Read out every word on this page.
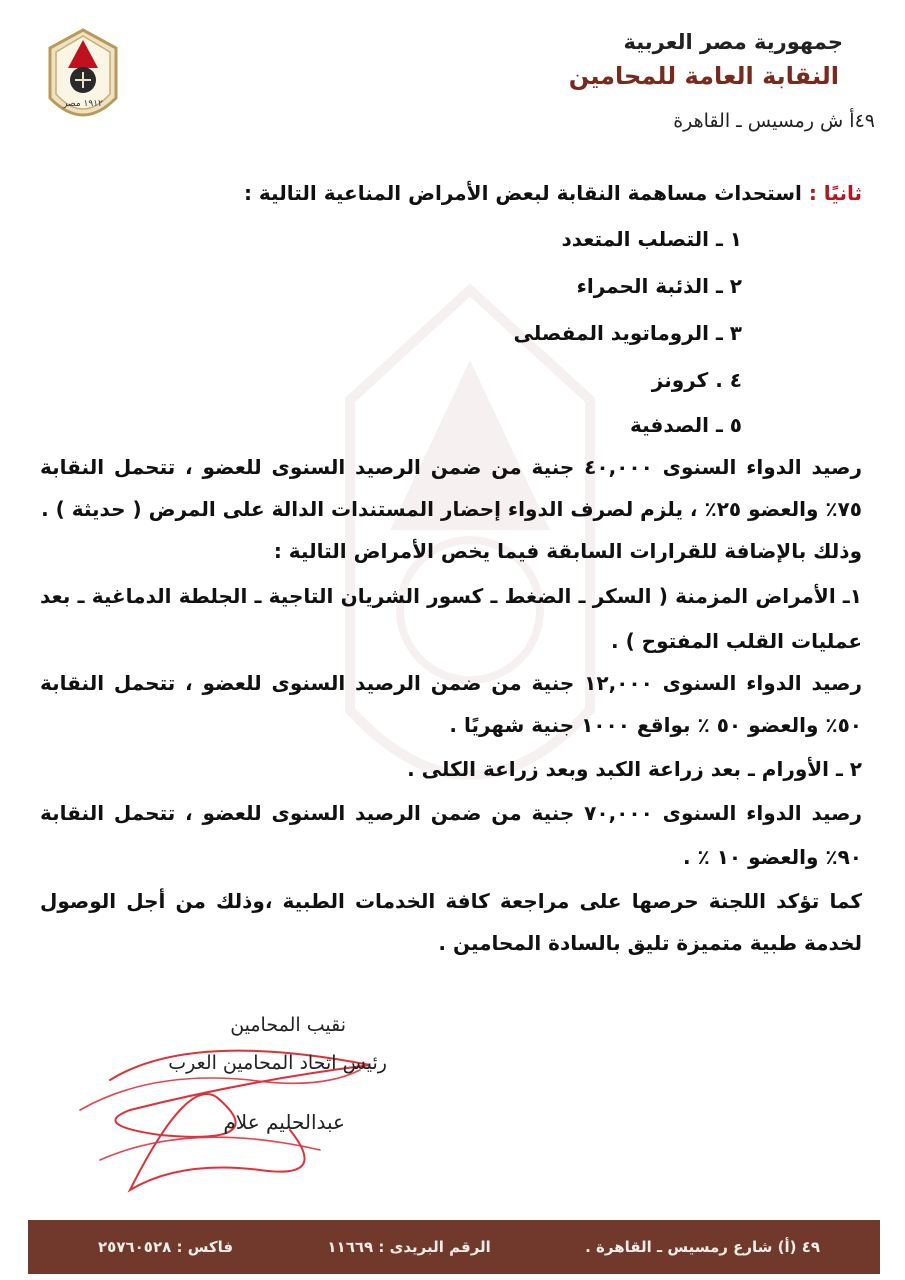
١٩١٢ مصر
جمهورية مصر العربية
النقابة العامة للمحامين
٤٩أ ش رمسيس ـ القاهرة
ثانيًا : استحداث مساهمة النقابة لبعض الأمراض المناعية التالية :
١ ـ التصلب المتعدد
٢ ـ الذئبة الحمراء
٣ ـ الروماتويد المفصلى
٤ . كرونز
٥ ـ الصدفية
رصيد الدواء السنوى ٤٠,٠٠٠ جنية من ضمن الرصيد السنوى للعضو ، تتحمل النقابة
٧٥٪ والعضو ٢٥٪ ، يلزم لصرف الدواء إحضار المستندات الدالة على المرض ( حديثة ) .
وذلك بالإضافة للقرارات السابقة فيما يخص الأمراض التالية :
١ـ الأمراض المزمنة ( السكر ـ الضغط ـ كسور الشريان التاجية ـ الجلطة الدماغية ـ بعد
عمليات القلب المفتوح ) .
رصيد الدواء السنوى ١٢,٠٠٠ جنية من ضمن الرصيد السنوى للعضو ، تتحمل النقابة
٥٠٪ والعضو ٥٠ ٪ بواقع ١٠٠٠ جنية شهريًا .
٢ ـ الأورام ـ بعد زراعة الكبد وبعد زراعة الكلى .
رصيد الدواء السنوى ٧٠,٠٠٠ جنية من ضمن الرصيد السنوى للعضو ، تتحمل النقابة
٩٠٪ والعضو ١٠ ٪ .
كما تؤكد اللجنة حرصها على مراجعة كافة الخدمات الطبية ،وذلك من أجل الوصول
لخدمة طبية متميزة تليق بالسادة المحامين .
نقيب المحامين
رئيس اتحاد المحامين العرب
عبدالحليم علام
٤٩ (أ) شارع رمسيس ـ القاهرة .
الرقم البريدى : ١١٦٦٩
فاكس : ٢٥٧٦٠٥٢٨
